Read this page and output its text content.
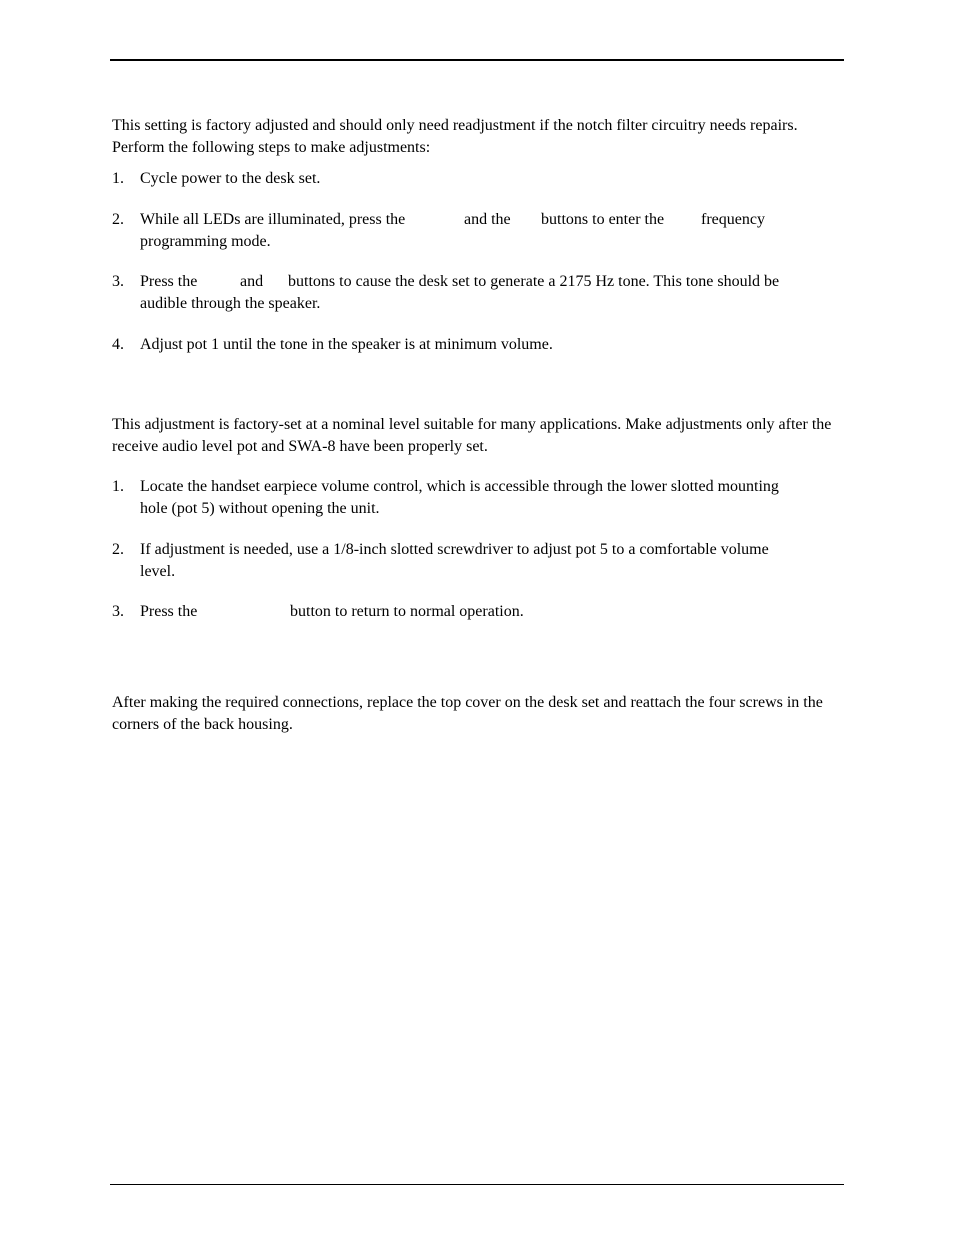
This setting is factory adjusted and should only need readjustment if the notch filter circuitry needs repairs. Perform the following steps to make adjustments:

1.	Cycle power to the desk set.
2.	While all LEDs are illuminated, press the	and the buttons to enter the frequency
programming mode.
3.	Press the	and buttons to cause the desk set to generate a 2175 Hz tone. This tone should be
audible through the speaker.
4.	Adjust pot 1 until the tone in the speaker is at minimum volume.

This adjustment is factory-set at a nominal level suitable for many applications. Make adjustments only after the receive audio level pot and SWA-8 have been properly set.

1.	Locate the handset earpiece volume control, which is accessible through the lower slotted mounting
hole (pot 5) without opening the unit.
2.	If adjustment is needed, use a 1/8-inch slotted screwdriver to adjust pot 5 to a comfortable volume
level.
3.	Press the	button to return to normal operation.

After making the required connections, replace the top cover on the desk set and reattach the four screws in the corners of the back housing.
